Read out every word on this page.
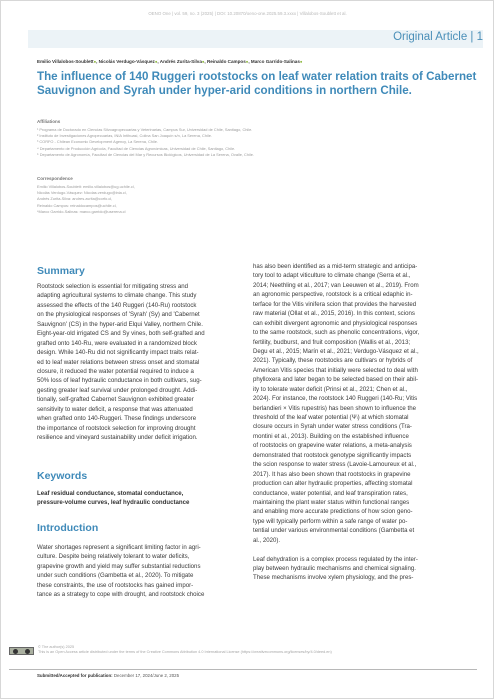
OENO One | vol. 59, no. 3 (2025) | DOI: 10.20870/oeno-one.2025.59.3.xxxx | Villalobos-Soublett et al.
Original Article | 1
Emilio Villalobos-Soublett●, Nicolás Verdugo-Vásquez●, Andrés Zurita-Silva●, Reinaldo Campos●, Marco Garrido-Salinas●
The influence of 140 Ruggeri rootstocks on leaf water relation traits of Cabernet Sauvignon and Syrah under hyper-arid conditions in northern Chile.
Affiliations
¹ Programa de Doctorado en Ciencias Silvoagropecuarias y Veterinarias, Campus Sur, Universidad de Chile, Santiago, Chile.
² Instituto de Investigaciones Agropecuarias, INIA Intihuasi, Colina San Joaquín s/n, La Serena, Chile.
³ CORFO - Chilean Economic Development Agency, La Serena, Chile.
⁴ Departamento de Producción Agrícola, Facultad de Ciencias Agronómicas, Universidad de Chile, Santiago, Chile.
⁵ Departamento de Agronomía, Facultad de Ciencias del Mar y Recursos Biológicos, Universidad de La Serena, Ovalle, Chile.
Correspondence
Emilio Villalobos-Soublett: emilio.villalobos@ug.uchile.cl,
Nicolás Verdugo-Vásquez: Nicolas.verdugo@inia.cl,
Andrés Zurita-Silva: andres.zurita@corfo.cl,
Reinaldo Campos: reinaldocampos@uchile.cl,
*Marco Garrido-Salinas: marco.garrido@userena.cl
Summary
Rootstock selection is essential for mitigating stress and
adapting agricultural systems to climate change. This study
assessed the effects of the 140 Ruggeri (140-Ru) rootstock
on the physiological responses of 'Syrah' (Sy) and 'Cabernet
Sauvignon' (CS) in the hyper-arid Elqui Valley, northern Chile.
Eight-year-old irrigated CS and Sy vines, both self-grafted and
grafted onto 140-Ru, were evaluated in a randomized block
design. While 140-Ru did not significantly impact traits relat-
ed to leaf water relations between stress onset and stomatal
closure, it reduced the water potential required to induce a
50% loss of leaf hydraulic conductance in both cultivars, sug-
gesting greater leaf survival under prolonged drought. Addi-
tionally, self-grafted Cabernet Sauvignon exhibited greater
sensitivity to water deficit, a response that was attenuated
when grafted onto 140-Ruggeri. These findings underscore
the importance of rootstock selection for improving drought
resilience and vineyard sustainability under deficit irrigation.
Keywords
Leaf residual conductance, stomatal conductance,
pressure-volume curves, leaf hydraulic conductance
Introduction
Water shortages represent a significant limiting factor in agri-
culture. Despite being relatively tolerant to water deficits,
grapevine growth and yield may suffer substantial reductions
under such conditions (Gambetta et al., 2020). To mitigate
these constraints, the use of rootstocks has gained impor-
tance as a strategy to cope with drought, and rootstock choice
has also been identified as a mid-term strategic and anticipa-
tory tool to adapt viticulture to climate change (Serra et al.,
2014; Neethling et al., 2017; van Leeuwen et al., 2019). From
an agronomic perspective, rootstock is a critical edaphic in-
terface for the Vitis vinifera scion that provides the harvested
raw material (Ollat et al., 2015, 2016). In this context, scions
can exhibit divergent agronomic and physiological responses
to the same rootstock, such as phenolic concentrations, vigor,
fertility, budburst, and fruit composition (Wallis et al., 2013;
Degu et al., 2015; Marín et al., 2021; Verdugo-Vásquez et al.,
2021). Typically, these rootstocks are cultivars or hybrids of
American Vitis species that initially were selected to deal with
phylloxera and later began to be selected based on their abil-
ity to tolerate water deficit (Prinsi et al., 2021; Chen et al.,
2024). For instance, the rootstock 140 Ruggeri (140-Ru; Vitis
berlandieri × Vitis rupestris) has been shown to influence the
threshold of the leaf water potential (Ψₗ) at which stomatal
closure occurs in Syrah under water stress conditions (Tra-
montini et al., 2013). Building on the established influence
of rootstocks on grapevine water relations, a meta-analysis
demonstrated that rootstock genotype significantly impacts
the scion response to water stress (Lavoie-Lamoureux et al.,
2017). It has also been shown that rootstocks in grapevine
production can alter hydraulic properties, affecting stomatal
conductance, water potential, and leaf transpiration rates,
maintaining the plant water status within functional ranges
and enabling more accurate predictions of how scion geno-
type will typically perform within a safe range of water po-
tential under various environmental conditions (Gambetta et
al., 2020).
Leaf dehydration is a complex process regulated by the inter-
play between hydraulic mechanisms and chemical signaling.
These mechanisms involve xylem physiology, and the pres-
© The author(s) 2025
This is an Open Access article distributed under the terms of the Creative Commons Attribution 4.0 International License (https://creativecommons.org/licenses/by/4.0/deed.en)
Submitted/Accepted for publication: December 17, 2024/June 2, 2025
